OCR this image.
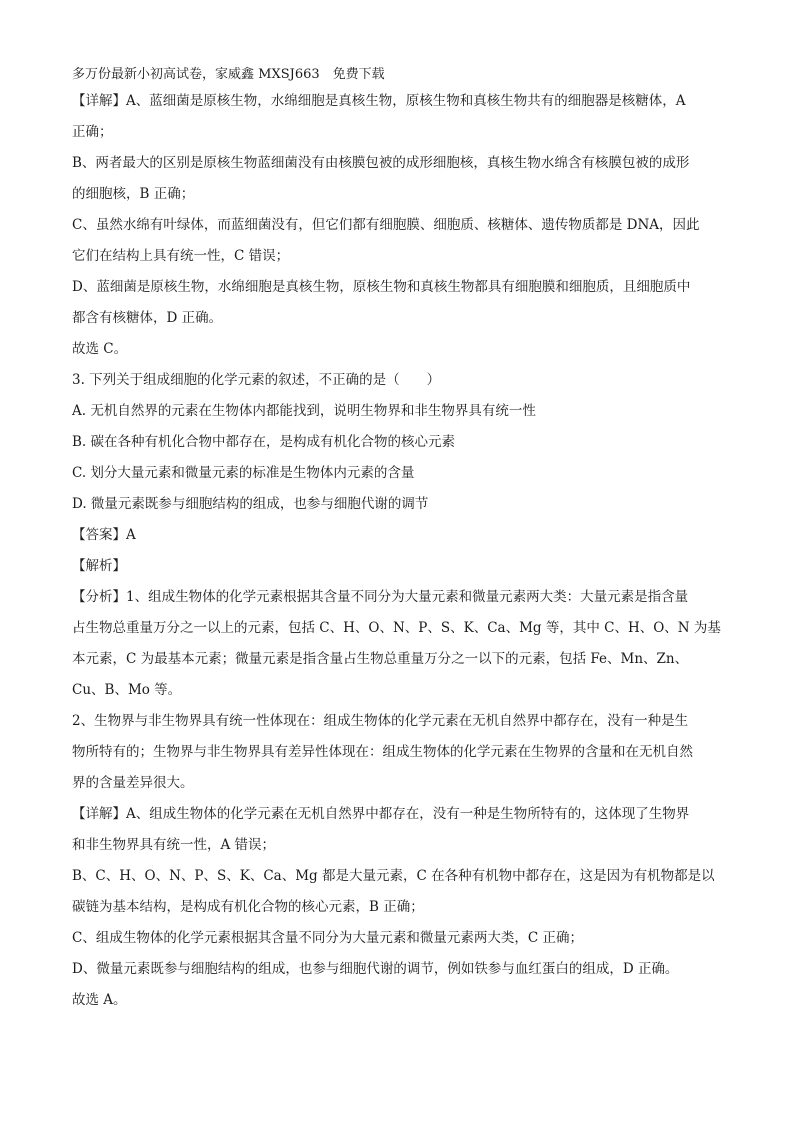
多万份最新小初高试卷，家威鑫 MXSJ663　免费下载

【详解】A、蓝细菌是原核生物，水绵细胞是真核生物，原核生物和真核生物共有的细胞器是核糖体，A

正确；

B、两者最大的区别是原核生物蓝细菌没有由核膜包被的成形细胞核，真核生物水绵含有核膜包被的成形

的细胞核，B 正确；

C、虽然水绵有叶绿体，而蓝细菌没有，但它们都有细胞膜、细胞质、核糖体、遗传物质都是 DNA，因此

它们在结构上具有统一性，C 错误；

D、蓝细菌是原核生物，水绵细胞是真核生物，原核生物和真核生物都具有细胞膜和细胞质，且细胞质中

都含有核糖体，D 正确。

故选 C。

3. 下列关于组成细胞的化学元素的叙述，不正确的是（　　）

A. 无机自然界的元素在生物体内都能找到，说明生物界和非生物界具有统一性

B. 碳在各种有机化合物中都存在，是构成有机化合物的核心元素

C. 划分大量元素和微量元素的标准是生物体内元素的含量

D. 微量元素既参与细胞结构的组成，也参与细胞代谢的调节

【答案】A

【解析】

【分析】1、组成生物体的化学元素根据其含量不同分为大量元素和微量元素两大类：大量元素是指含量

占生物总重量万分之一以上的元素，包括 C、H、O、N、P、S、K、Ca、Mg 等，其中 C、H、O、N 为基

本元素，C 为最基本元素；微量元素是指含量占生物总重量万分之一以下的元素，包括 Fe、Mn、Zn、

Cu、B、Mo 等。

2、生物界与非生物界具有统一性体现在：组成生物体的化学元素在无机自然界中都存在，没有一种是生

物所特有的；生物界与非生物界具有差异性体现在：组成生物体的化学元素在生物界的含量和在无机自然

界的含量差异很大。

【详解】A、组成生物体的化学元素在无机自然界中都存在，没有一种是生物所特有的，这体现了生物界

和非生物界具有统一性，A 错误；

B、C、H、O、N、P、S、K、Ca、Mg 都是大量元素，C 在各种有机物中都存在，这是因为有机物都是以

碳链为基本结构，是构成有机化合物的核心元素，B 正确；

C、组成生物体的化学元素根据其含量不同分为大量元素和微量元素两大类，C 正确；

D、微量元素既参与细胞结构的组成，也参与细胞代谢的调节，例如铁参与血红蛋白的组成，D 正确。

故选 A。
